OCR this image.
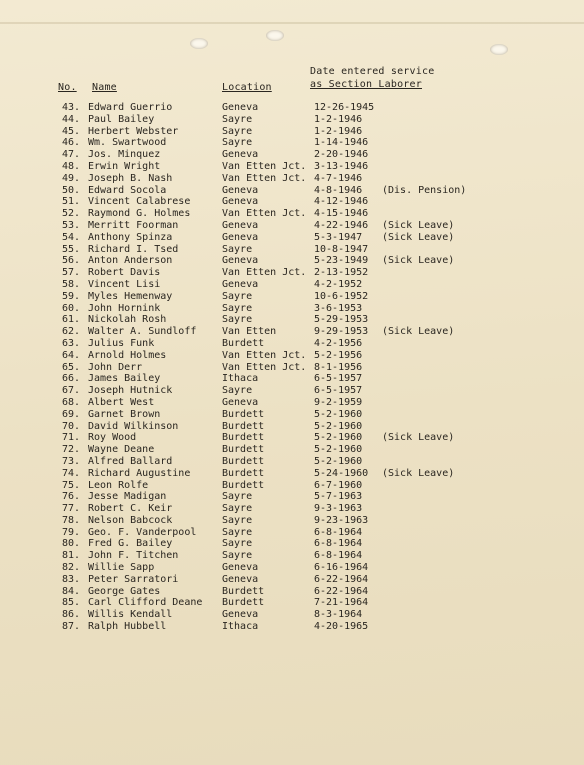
Date entered service
No. Name	Location	as Section Laborer
43. Edward Guerrio	Geneva	12-26-1945
44. Paul Bailey	Sayre	1-2-1946
45. Herbert Webster	Sayre	1-2-1946
46. Wm. Swartwood	Sayre	1-14-1946
47. Jos. Minquez	Geneva	2-20-1946
48. Erwin Wright	Van Etten Jct. 3-13-1946
49. Joseph B. Nash	Van Etten Jct. 4-7-1946
50. Edward Socola	Geneva	4-8-1946 (Dis. Pension)
51. Vincent Calabrese	Geneva	4-12-1946
52. Raymond G. Holmes	Van Etten Jct. 4-15-1946
53. Merritt Foorman	Geneva	4-22-1946 (Sick Leave)
54. Anthony Spinza	Geneva	5-3-1947 (Sick Leave)
55. Richard I. Tsed	Sayre	10-8-1947
56. Anton Anderson	Geneva	5-23-1949 (Sick Leave)
57. Robert Davis	Van Etten Jct. 2-13-1952
58. Vincent Lisi	Geneva	4-2-1952
59. Myles Hemenway	Sayre	10-6-1952
60. John Hornink	Sayre	3-6-1953
61. Nickolah Rosh	Sayre	5-29-1953
62. Walter A. Sundloff	Van Etten	9-29-1953 (Sick Leave)
63. Julius Funk	Burdett	4-2-1956
64. Arnold Holmes	Van Etten Jct. 5-2-1956
65. John Derr	Van Etten Jct. 8-1-1956
66. James Bailey	Ithaca	6-5-1957
67. Joseph Hutnick	Sayre	6-5-1957
68. Albert West	Geneva	9-2-1959
69. Garnet Brown	Burdett	5-2-1960
70. David Wilkinson	Burdett	5-2-1960
71. Roy Wood	Burdett	5-2-1960 (Sick Leave)
72. Wayne Deane	Burdett	5-2-1960
73. Alfred Ballard	Burdett	5-2-1960
74. Richard Augustine	Burdett	5-24-1960 (Sick Leave)
75. Leon Rolfe	Burdett	6-7-1960
76. Jesse Madigan	Sayre	5-7-1963
77. Robert C. Keir	Sayre	9-3-1963
78. Nelson Babcock	Sayre	9-23-1963
79. Geo. F. Vanderpool	Sayre	6-8-1964
80. Fred G. Bailey	Sayre	6-8-1964
81. John F. Titchen	Sayre	6-8-1964
82. Willie Sapp	Geneva	6-16-1964
83. Peter Sarratori	Geneva	6-22-1964
84. George Gates	Burdett	6-22-1964
85. Carl Clifford Deane Burdett	7-21-1964
86. Willis Kendall	Geneva	8-3-1964
87. Ralph Hubbell	Ithaca	4-20-1965
